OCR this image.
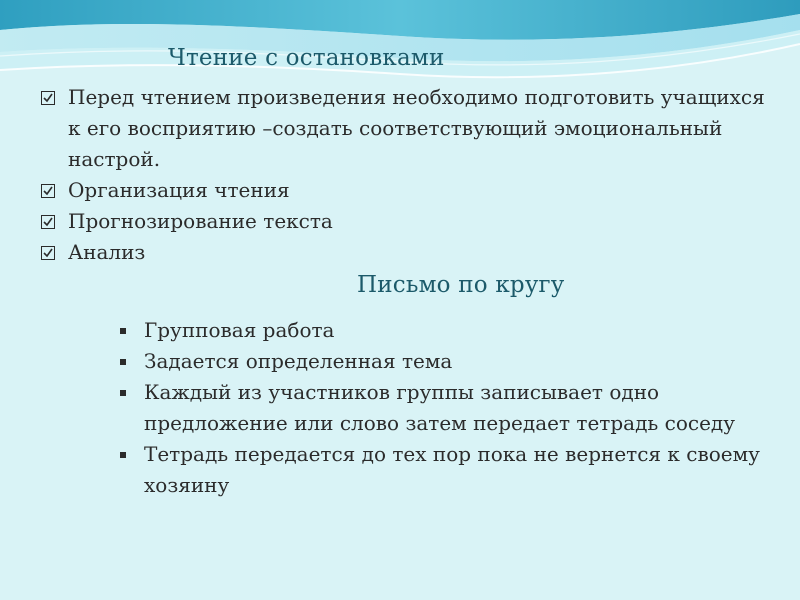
Чтение с остановками
Перед чтением произведения необходимо подготовить учащихся к его восприятию –создать соответствующий эмоциональный настрой.
Организация чтения
Прогнозирование текста
Анализ
Письмо по кругу
Групповая работа
Задается определенная тема
Каждый из участников группы записывает одно предложение или слово затем передает тетрадь соседу
Тетрадь передается до тех пор пока не вернется к своему хозяину
